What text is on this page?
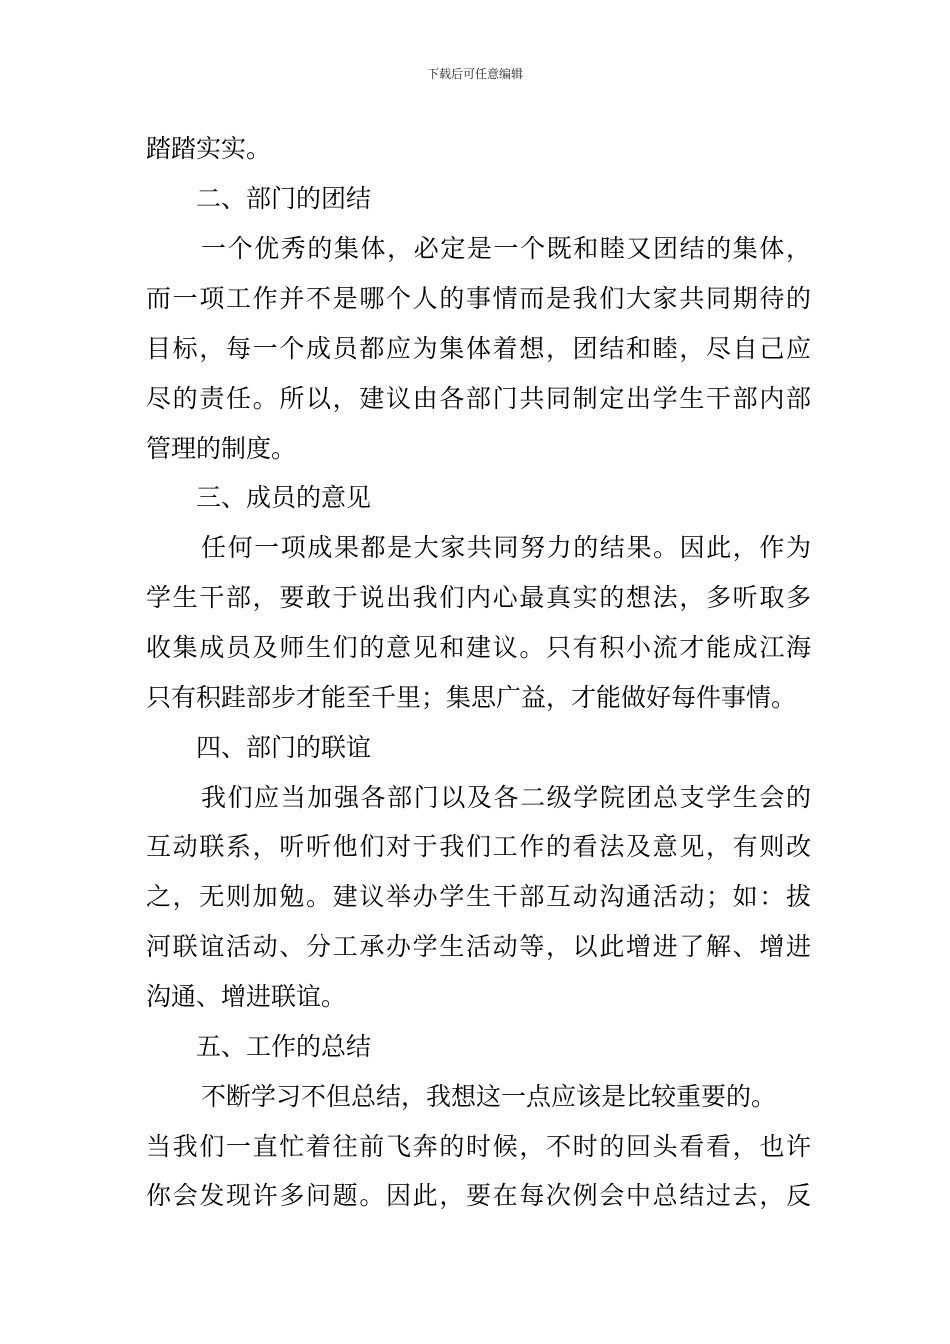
下载后可任意编辑
踏踏实实。
二、部门的团结
一个优秀的集体，必定是一个既和睦又团结的集体，
而一项工作并不是哪个人的事情而是我们大家共同期待的
目标，每一个成员都应为集体着想，团结和睦，尽自己应
尽的责任。所以，建议由各部门共同制定出学生干部内部
管理的制度。
三、成员的意见
任何一项成果都是大家共同努力的结果。因此，作为
学生干部，要敢于说出我们内心最真实的想法，多听取多
收集成员及师生们的意见和建议。只有积小流才能成江海
只有积跬部步才能至千里；集思广益，才能做好每件事情。
四、部门的联谊
我们应当加强各部门以及各二级学院团总支学生会的
互动联系，听听他们对于我们工作的看法及意见，有则改
之，无则加勉。建议举办学生干部互动沟通活动；如：拔
河联谊活动、分工承办学生活动等，以此增进了解、增进
沟通、增进联谊。
五、工作的总结
不断学习不但总结，我想这一点应该是比较重要的。
当我们一直忙着往前飞奔的时候，不时的回头看看，也许
你会发现许多问题。因此，要在每次例会中总结过去，反
